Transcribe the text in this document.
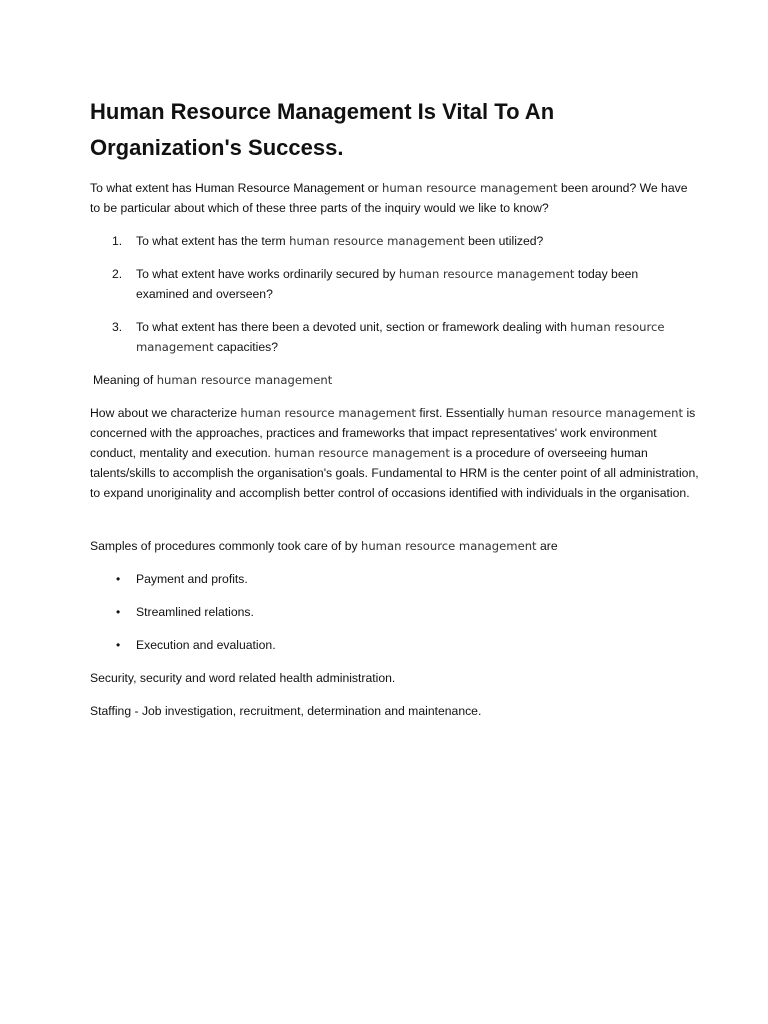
Human Resource Management Is Vital To An Organization's Success.

To what extent has Human Resource Management or human resource management been around? We have to be particular about which of these three parts of the inquiry would we like to know?

1.	To what extent has the term human resource management been utilized?
2.	To what extent have works ordinarily secured by human resource management today been examined and overseen?
3.	To what extent has there been a devoted unit, section or framework dealing with human resource management capacities?

Meaning of human resource management

How about we characterize human resource management first. Essentially human resource management is concerned with the approaches, practices and frameworks that impact representatives' work environment conduct, mentality and execution. human resource management is a procedure of overseeing human talents/skills to accomplish the organisation's goals. Fundamental to HRM is the center point of all administration, to expand unoriginality and accomplish better control of occasions identified with individuals in the organisation.

Samples of procedures commonly took care of by human resource management are

• Payment and profits.
• Streamlined relations.
• Execution and evaluation.

Security, security and word related health administration.

Staffing - Job investigation, recruitment, determination and maintenance.
